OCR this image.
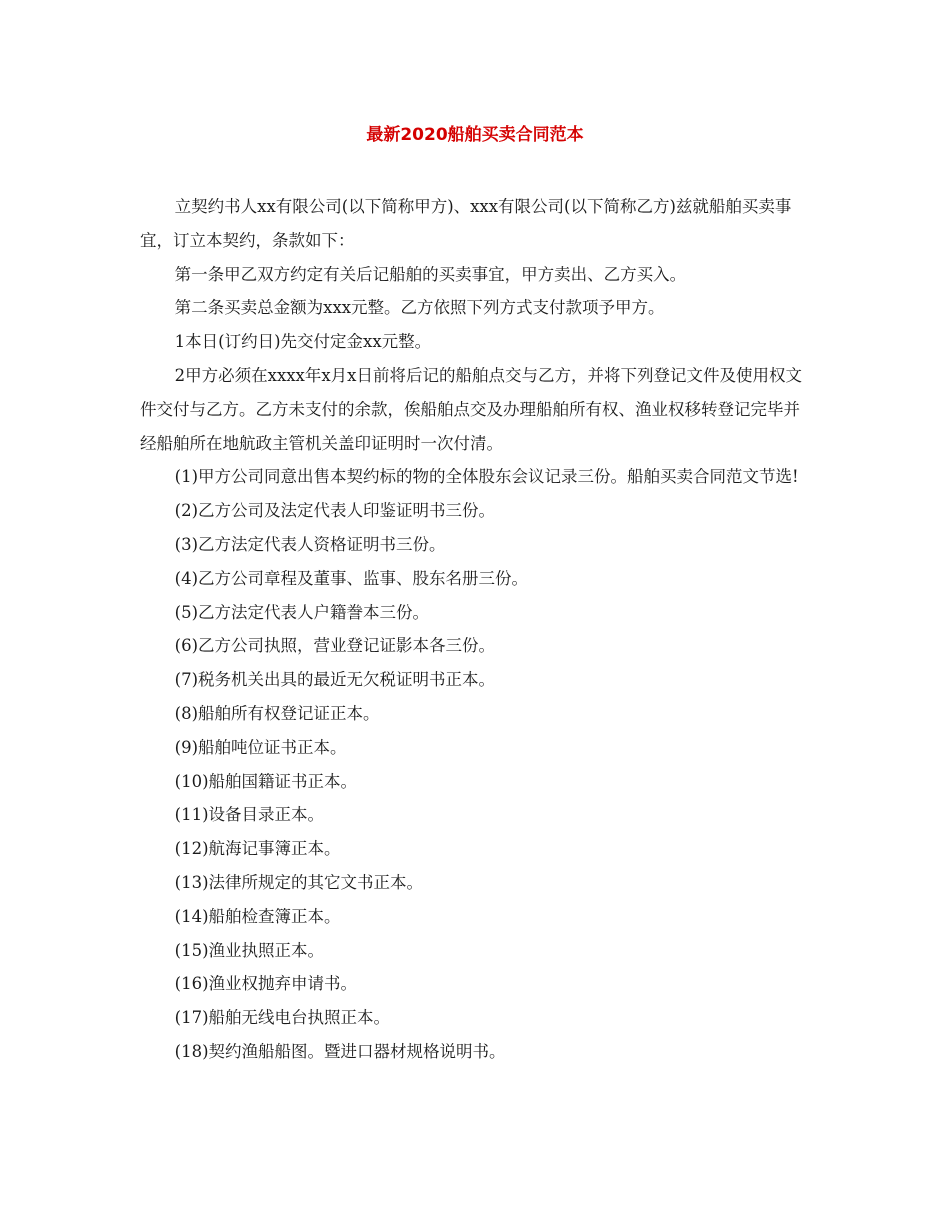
最新2020船舶买卖合同范本

立契约书人xx有限公司(以下简称甲方)、xxx有限公司(以下简称乙方)兹就船舶买卖事宜，订立本契约，条款如下：

第一条甲乙双方约定有关后记船舶的买卖事宜，甲方卖出、乙方买入。

第二条买卖总金额为xxx元整。乙方依照下列方式支付款项予甲方。

1本日(订约日)先交付定金xx元整。

2甲方必须在xxxx年x月x日前将后记的船舶点交与乙方，并将下列登记文件及使用权文件交付与乙方。乙方未支付的余款，俟船舶点交及办理船舶所有权、渔业权移转登记完毕并经船舶所在地航政主管机关盖印证明时一次付清。

(1)甲方公司同意出售本契约标的物的全体股东会议记录三份。船舶买卖合同范文节选!

(2)乙方公司及法定代表人印鉴证明书三份。

(3)乙方法定代表人资格证明书三份。

(4)乙方公司章程及董事、监事、股东名册三份。

(5)乙方法定代表人户籍誊本三份。

(6)乙方公司执照，营业登记证影本各三份。

(7)税务机关出具的最近无欠税证明书正本。

(8)船舶所有权登记证正本。

(9)船舶吨位证书正本。

(10)船舶国籍证书正本。

(11)设备目录正本。

(12)航海记事簿正本。

(13)法律所规定的其它文书正本。

(14)船舶检查簿正本。

(15)渔业执照正本。

(16)渔业权抛弃申请书。

(17)船舶无线电台执照正本。

(18)契约渔船船图。暨进口器材规格说明书。
